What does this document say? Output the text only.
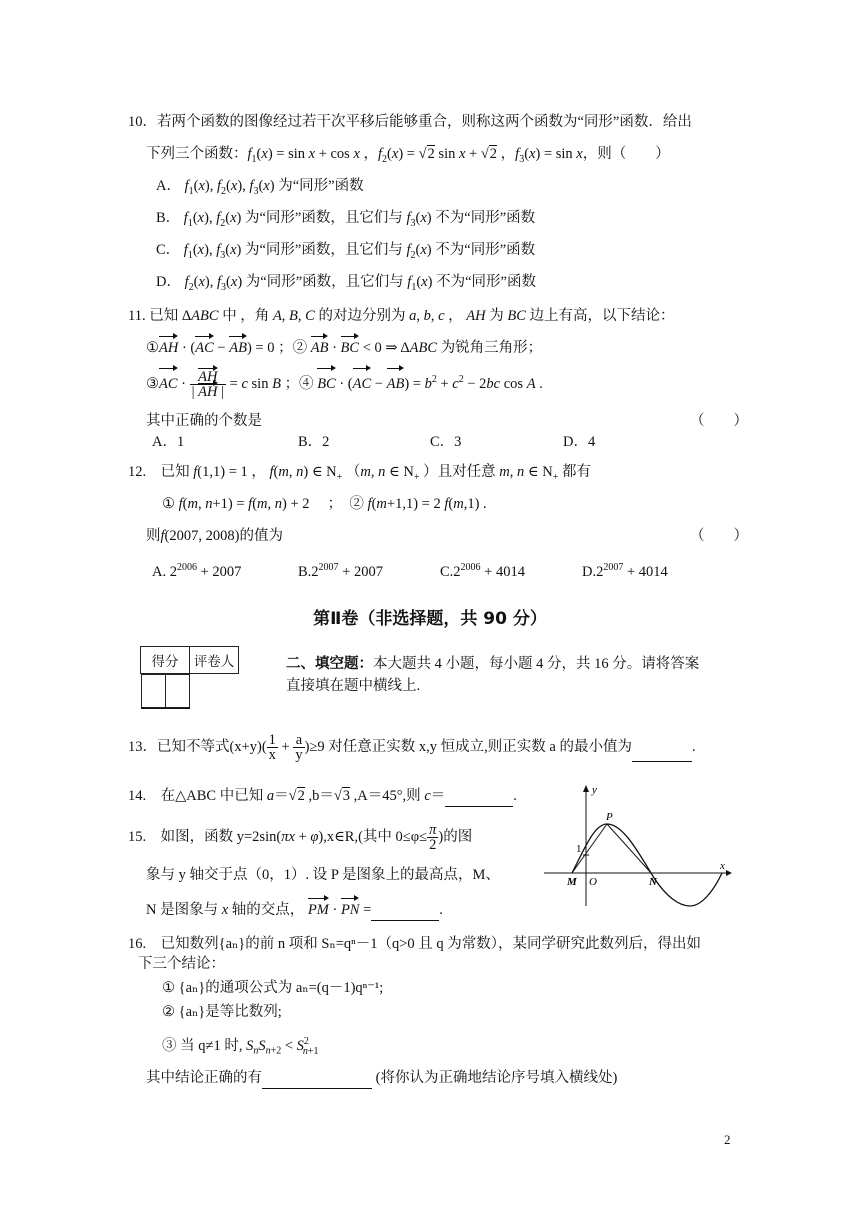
10．若两个函数的图像经过若干次平移后能够重合，则称这两个函数为“同形”函数．给出
下列三个函数：$f_1(x) = \sin x + \cos x$ ，$f_2(x) = √2$ sin x + √2 ，$f_3(x) = \sin x$，则（　　）
A． $f_1(x)$, $f_2(x)$, $f_3(x)$ 为“同形”函数
B． $f_1(x)$, $f_2(x)$ 为“同形”函数，且它们与 $f_3(x)$ 不为“同形”函数
C． $f_1(x)$, $f_3(x)$ 为“同形”函数，且它们与 $f_2(x)$ 不为“同形”函数
D． $f_2(x)$, $f_3(x)$ 为“同形”函数，且它们与 $f_1(x)$ 不为“同形”函数
11. 已知 ΔABC 中 ，角 A, B, C 的对边分别为 a, b, c ， AH 为 BC 边上有高，以下结论：
①AH · (AC − AB) = 0 ；② AB · BC < 0 ⇒ ΔABC 为锐角三角形；
③AC · $\frac{AH}{| AH |} = c$ sin B ；④ BC · $(AC - AB) = b^2 + c^2 - 2bc$ cos A .
其中正确的个数是	（　　）
A．1	B．2	C．3	D．4
12.　已知 f(1,1) = 1 ， f(m, n) ∈ $N_+$ （m, n ∈ $N_+$ ）且对任意 m, n ∈ $N_+$ 都有
① f(m, n+1) = f(m, n) + 2 　；　② f(m+1,1) = 2 f(m,1) .
则f(2007, 2008)的值为	（　　）
A. $2^{2006} + 2007$	$B.2^{2007} + 2007$	$C.2^{2006} + 4014$	$D.2^{2007} + 4014$
第Ⅱ卷（非选择题，共 90 分）
得分	评卷人
		二、填空题：本大题共 4 小题，每小题 4 分，共 16 分。请将答案
直接填在题中横线上.
13．已知不等式$(x+y)( \frac{1}{x} + \frac{a}{y} )\ge 9$ 对任意正实数 x,y 恒成立,则正实数 a 的最小值为	.
14.　在△ABC 中已知 a＝√2 ,b＝√3 ,A＝45°,则 c＝	.
15.　如图，函数 y=2sin(πx + φ),x∈R,(其中 $0\le\varphi\le \frac{\pi}{2}$ )的图
象与 y 轴交于点（0，1）. 设 P 是图象上的最高点，M、
N 是图象与 x 轴的交点， PM · PN =	.
y
x
P
1
M O	N
16.　已知数列{aₙ}的前 n 项和 Sₙ=qⁿ－1（q>0 且 q 为常数），某同学研究此数列后，得出如
下三个结论：
① {aₙ}的通项公式为 aₙ=(q－1)qⁿ⁻¹;
② {aₙ}是等比数列;
③ 当 q≠1 时, $S_nS_{n+2} < S^2_{n+1}$
其中结论正确的有	(将你认为正确地结论序号填入横线处)
2
